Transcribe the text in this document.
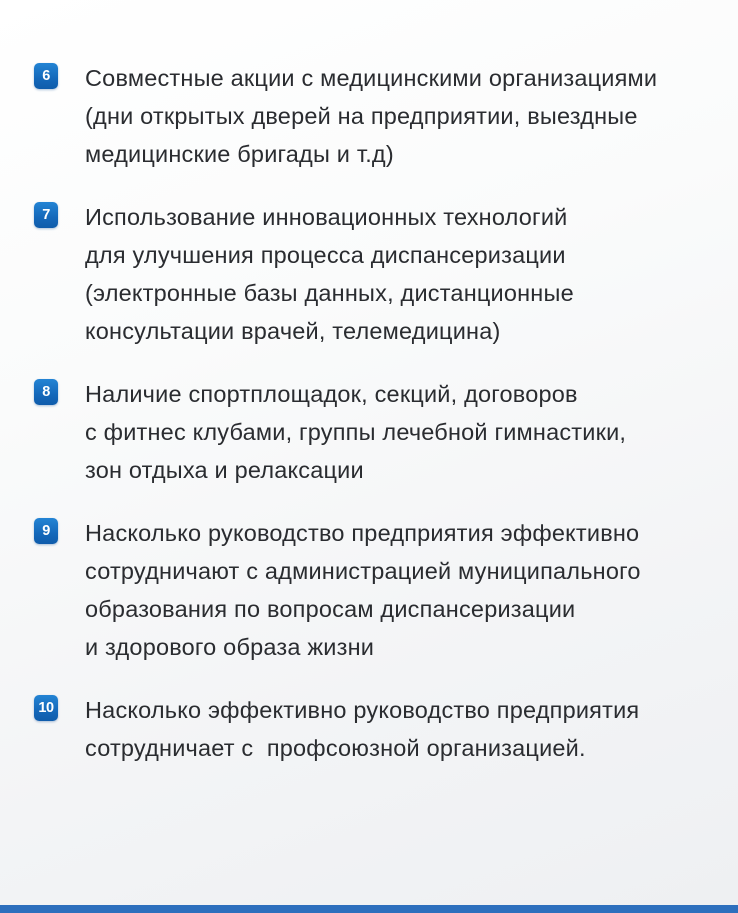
6	Совместные акции с медицинскими организациями
(дни открытых дверей на предприятии, выездные
медицинские бригады и т.д)
7	Использование инновационных технологий
для улучшения процесса диспансеризации
(электронные базы данных, дистанционные
консультации врачей, телемедицина)
8	Наличие спортплощадок, секций, договоров
с фитнес клубами, группы лечебной гимнастики,
зон отдыха и релаксации
9	Насколько руководство предприятия эффективно
сотрудничают с администрацией муниципального
образования по вопросам диспансеризации
и здорового образа жизни
10 Насколько эффективно руководство предприятия
сотрудничает с  профсоюзной организацией.
